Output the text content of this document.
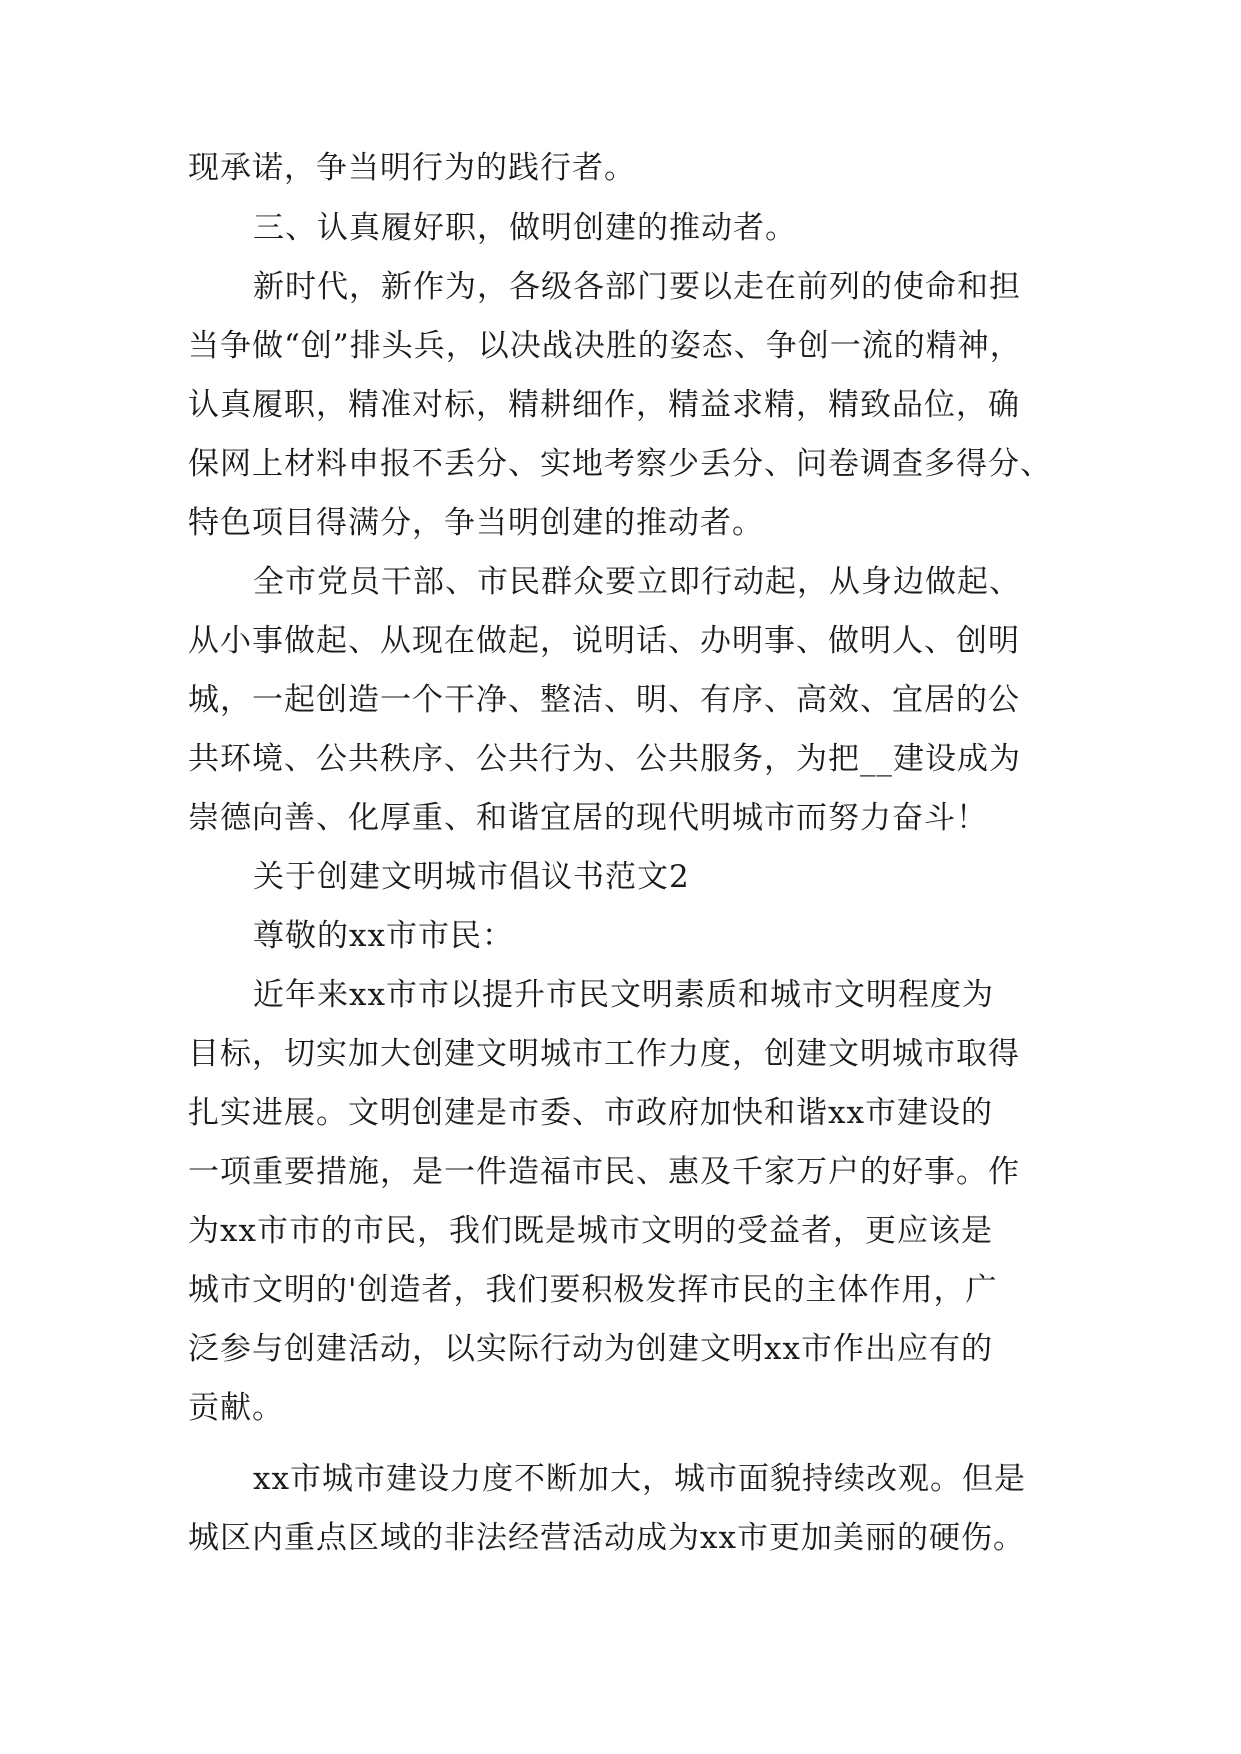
现承诺，争当明行为的践行者。
三、认真履好职，做明创建的推动者。
新时代，新作为，各级各部门要以走在前列的使命和担
当争做“创”排头兵，以决战决胜的姿态、争创一流的精神，
认真履职，精准对标，精耕细作，精益求精，精致品位，确
保网上材料申报不丢分、实地考察少丢分、问卷调查多得分、
特色项目得满分，争当明创建的推动者。
全市党员干部、市民群众要立即行动起，从身边做起、
从小事做起、从现在做起，说明话、办明事、做明人、创明
城，一起创造一个干净、整洁、明、有序、高效、宜居的公
共环境、公共秩序、公共行为、公共服务，为把__建设成为
崇德向善、化厚重、和谐宜居的现代明城市而努力奋斗！
关于创建文明城市倡议书范文2
尊敬的xx市市民：
近年来xx市市以提升市民文明素质和城市文明程度为
目标，切实加大创建文明城市工作力度，创建文明城市取得
扎实进展。文明创建是市委、市政府加快和谐xx市建设的
一项重要措施，是一件造福市民、惠及千家万户的好事。作
为xx市市的市民，我们既是城市文明的受益者，更应该是
城市文明的'创造者，我们要积极发挥市民的主体作用，广
泛参与创建活动，以实际行动为创建文明xx市作出应有的
贡献。
xx市城市建设力度不断加大，城市面貌持续改观。但是
城区内重点区域的非法经营活动成为xx市更加美丽的硬伤。
